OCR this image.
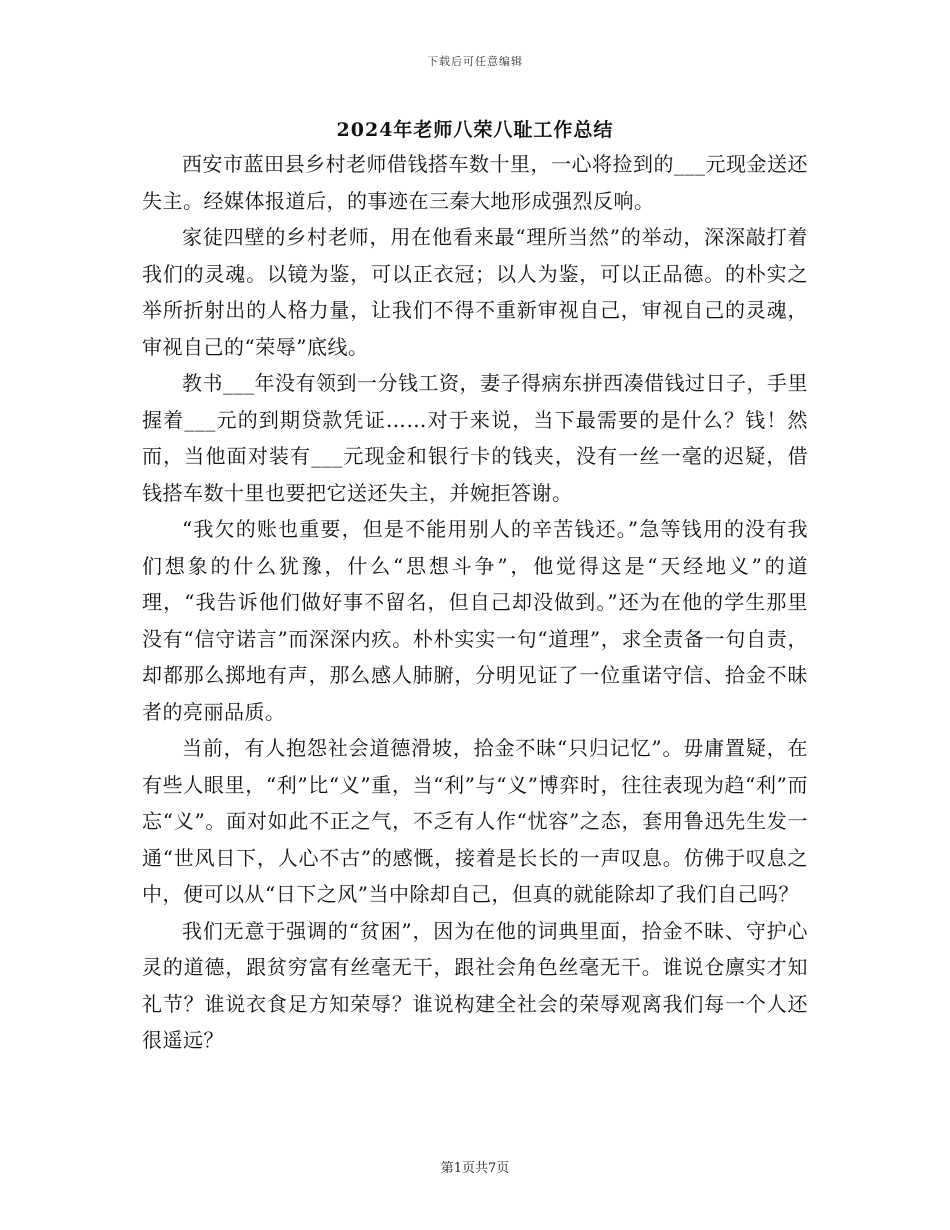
下载后可任意编辑
2024年老师八荣八耻工作总结

西安市蓝田县乡村老师借钱搭车数十里，一心将捡到的___元现金送还失主。经媒体报道后，的事迹在三秦大地形成强烈反响。

家徒四壁的乡村老师，用在他看来最“理所当然”的举动，深深敲打着我们的灵魂。以镜为鉴，可以正衣冠；以人为鉴，可以正品德。的朴实之举所折射出的人格力量，让我们不得不重新审视自己，审视自己的灵魂，审视自己的“荣辱”底线。

教书___年没有领到一分钱工资，妻子得病东拼西凑借钱过日子，手里握着___元的到期贷款凭证……对于来说，当下最需要的是什么？钱！然而，当他面对装有___元现金和银行卡的钱夹，没有一丝一毫的迟疑，借钱搭车数十里也要把它送还失主，并婉拒答谢。

“我欠的账也重要，但是不能用别人的辛苦钱还。”急等钱用的没有我们想象的什么犹豫，什么“思想斗争”，他觉得这是“天经地义”的道理，“我告诉他们做好事不留名，但自己却没做到。”还为在他的学生那里没有“信守诺言”而深深内疚。朴朴实实一句“道理”，求全责备一句自责，却都那么掷地有声，那么感人肺腑，分明见证了一位重诺守信、拾金不昧者的亮丽品质。

当前，有人抱怨社会道德滑坡，拾金不昧“只归记忆”。毋庸置疑，在有些人眼里，“利”比“义”重，当“利”与“义”博弈时，往往表现为趋“利”而忘“义”。面对如此不正之气，不乏有人作“忧容”之态，套用鲁迅先生发一通“世风日下，人心不古”的感慨，接着是长长的一声叹息。仿佛于叹息之中，便可以从“日下之风”当中除却自己，但真的就能除却了我们自己吗？

我们无意于强调的“贫困”，因为在他的词典里面，拾金不昧、守护心灵的道德，跟贫穷富有丝毫无干，跟社会角色丝毫无干。谁说仓廪实才知礼节？谁说衣食足方知荣辱？谁说构建全社会的荣辱观离我们每一个人还很遥远？

第1页共7页
